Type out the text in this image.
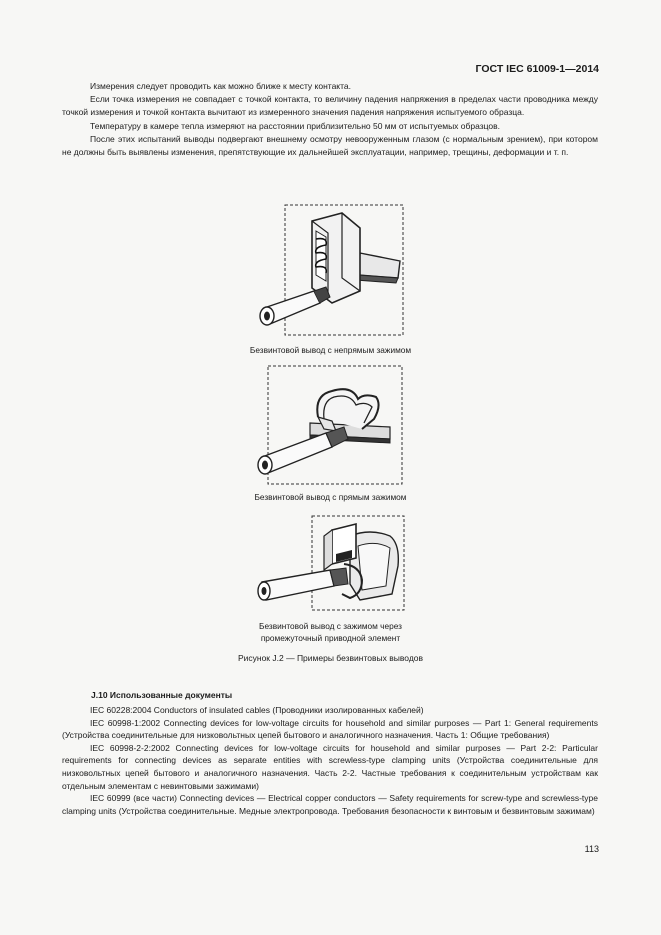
ГОСТ IEC 61009-1—2014

Измерения следует проводить как можно ближе к месту контакта.

Если точка измерения не совпадает с точкой контакта, то величину падения напряжения в пределах части проводника между точкой измерения и точкой контакта вычитают из измеренного значения падения напряжения испытуемого образца.

Температуру в камере тепла измеряют на расстоянии приблизительно 50 мм от испытуемых образцов.

После этих испытаний выводы подвергают внешнему осмотру невооруженным глазом (с нормальным зрением), при котором не должны быть выявлены изменения, препятствующие их дальнейшей эксплуатации, например, трещины, деформации и т. п.

Безвинтовой вывод с непрямым зажимом
Безвинтовой вывод с прямым зажимом
Безвинтовой вывод с зажимом через
промежуточный приводной элемент
Рисунок J.2 — Примеры безвинтовых выводов
J.10 Использованные документы

IEC 60228:2004 Conductors of insulated cables (Проводники изолированных кабелей)

IEC 60998-1:2002 Connecting devices for low-voltage circuits for household and similar purposes — Part 1: General requirements (Устройства соединительные для низковольтных цепей бытового и аналогичного назначения. Часть 1: Общие требования)

IEC 60998-2-2:2002 Connecting devices for low-voltage circuits for household and similar purposes — Part 2-2: Particular requirements for connecting devices as separate entities with screwless-type clamping units (Устройства соединительные для низковольтных цепей бытового и аналогичного назначения. Часть 2-2. Частные требования к соединительным устройствам как отдельным элементам с невинтовыми зажимами)

IEC 60999 (все части) Connecting devices — Electrical copper conductors — Safety requirements for screw-type and screwless-type clamping units (Устройства соединительные. Медные электропровода. Требования безопасности к винтовым и безвинтовым зажимам)

113
